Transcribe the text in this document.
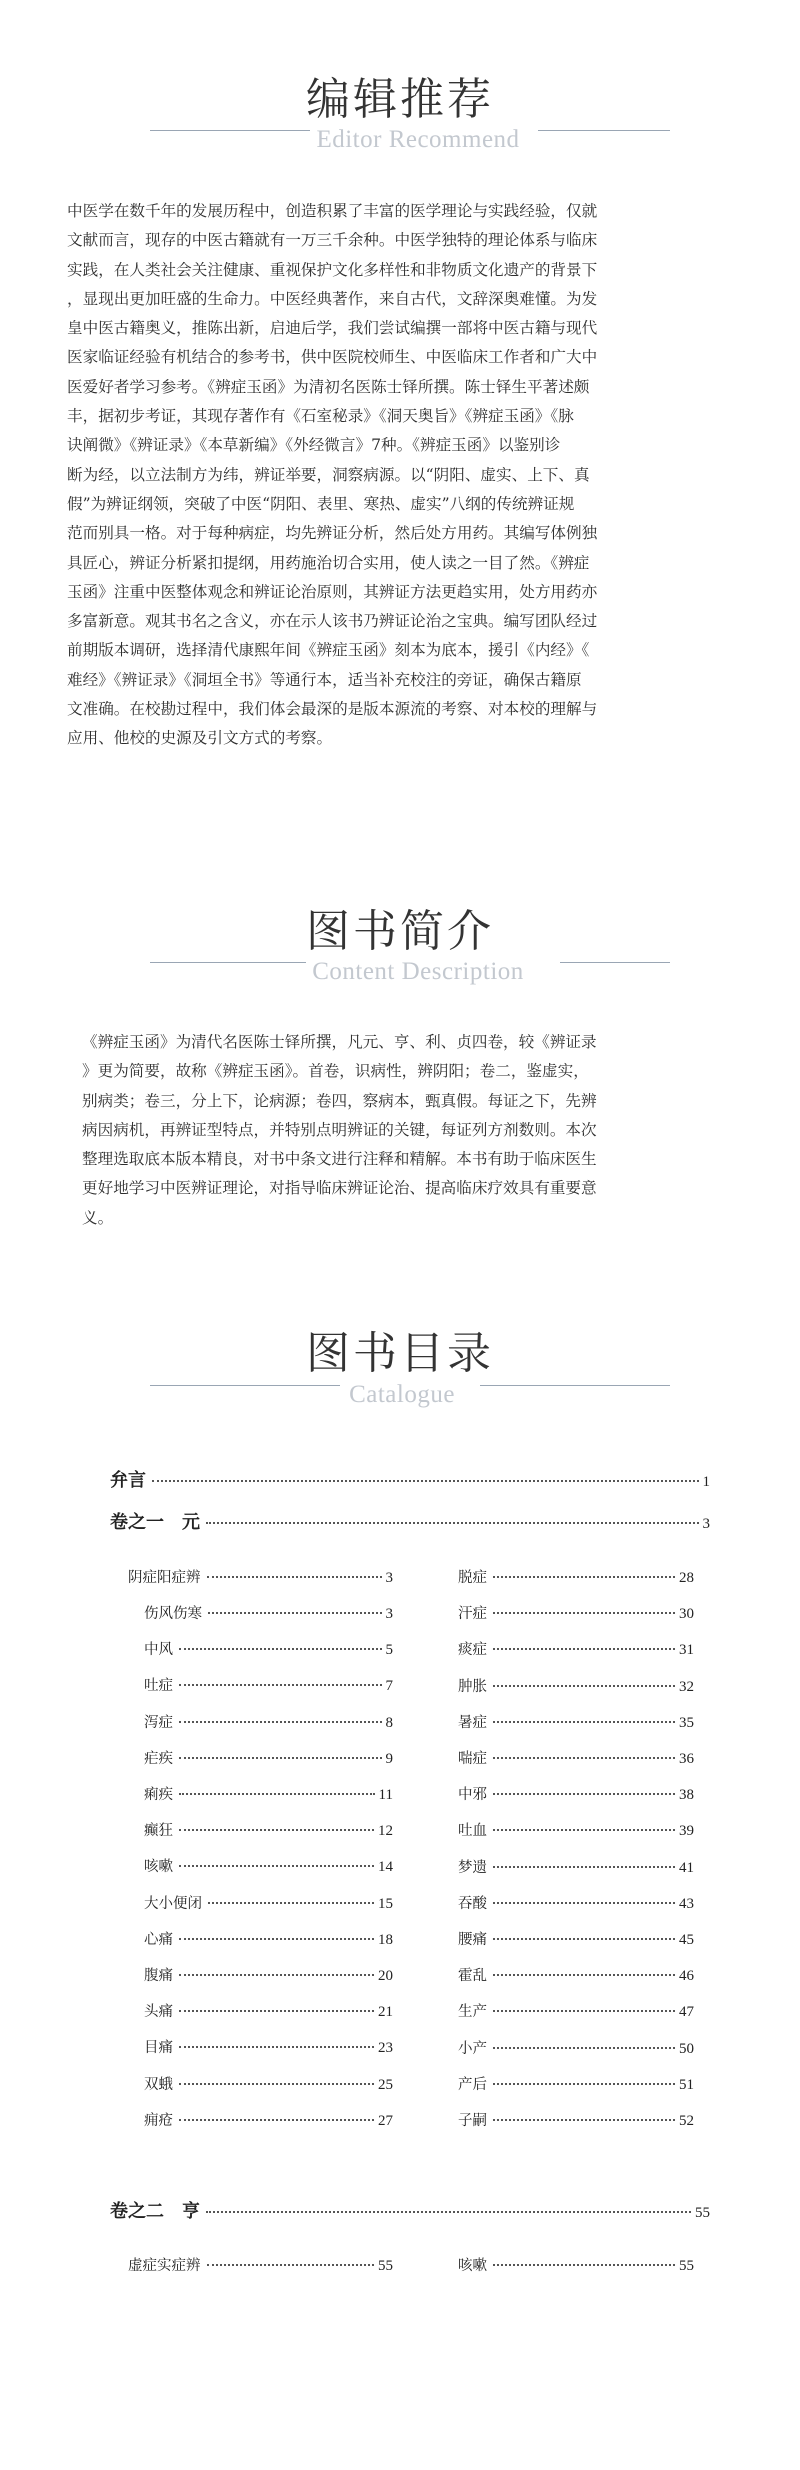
编辑推荐
Editor Recommend

中医学在数千年的发展历程中，创造积累了丰富的医学理论与实践经验，仅就

文献而言，现存的中医古籍就有一万三千余种。中医学独特的理论体系与临床

实践，在人类社会关注健康、重视保护文化多样性和非物质文化遗产的背景下

，显现出更加旺盛的生命力。中医经典著作，来自古代，文辞深奥难懂。为发

皇中医古籍奥义，推陈出新，启迪后学，我们尝试编撰一部将中医古籍与现代

医家临证经验有机结合的参考书，供中医院校师生、中医临床工作者和广大中

医爱好者学习参考。《辨症玉函》为清初名医陈士铎所撰。陈士铎生平著述颇

丰，据初步考证，其现存著作有《石室秘录》《洞天奥旨》《辨症玉函》《脉

诀阐微》《辨证录》《本草新编》《外经微言》7种。《辨症玉函》以鉴别诊

断为经，以立法制方为纬，辨证举要，洞察病源。以“阴阳、虚实、上下、真

假”为辨证纲领，突破了中医“阴阳、表里、寒热、虚实”八纲的传统辨证规

范而别具一格。对于每种病症，均先辨证分析，然后处方用药。其编写体例独

具匠心，辨证分析紧扣提纲，用药施治切合实用，使人读之一目了然。《辨症

玉函》注重中医整体观念和辨证论治原则，其辨证方法更趋实用，处方用药亦

多富新意。观其书名之含义，亦在示人该书乃辨证论治之宝典。编写团队经过

前期版本调研，选择清代康熙年间《辨症玉函》刻本为底本，援引《内经》《

难经》《辨证录》《洞垣全书》等通行本，适当补充校注的旁证，确保古籍原

文准确。在校勘过程中，我们体会最深的是版本源流的考察、对本校的理解与

应用、他校的史源及引文方式的考察。

图书简介
Content Description

《辨症玉函》为清代名医陈士铎所撰，凡元、亨、利、贞四卷，较《辨证录

》更为简要，故称《辨症玉函》。首卷，识病性，辨阴阳；卷二，鉴虚实，

别病类；卷三，分上下，论病源；卷四，察病本，甄真假。每证之下，先辨

病因病机，再辨证型特点，并特别点明辨证的关键，每证列方剂数则。本次

整理选取底本版本精良，对书中条文进行注释和精解。本书有助于临床医生

更好地学习中医辨证理论，对指导临床辨证论治、提高临床疗效具有重要意

义。

图书目录
Catalogue
弁言	1
卷之一　元	3
阴症阳症辨	3
伤风伤寒	3
中风	5
吐症	7
泻症	8
疟疾	9
痢疾	11
癫狂	12
咳嗽	14
大小便闭	15
心痛	18
腹痛	20
头痛	21
目痛	23
双蛾	25
痈疮	27
脱症	28
汗症	30
痰症	31
肿胀	32
暑症	35
喘症	36
中邪	38
吐血	39
梦遗	41
吞酸	43
腰痛	45
霍乱	46
生产	47
小产	50
产后	51
子嗣	52
卷之二　亨	55
虚症实症辨	55	咳嗽	55
